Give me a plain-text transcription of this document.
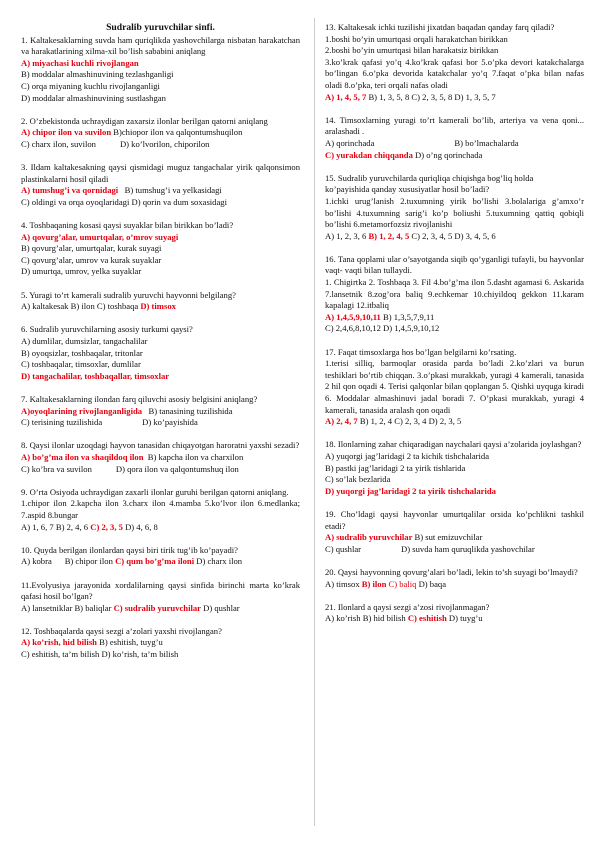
Sudralib yuruvchilar sinfi.

1. Kaltakesaklarning suvda ham quriqlikda yashovchilarga nisbatan harakatchan va harakatlarining xilma-xil bo’lish sababini aniqlang

A) miyachasi kuchli rivojlangan

B) moddalar almashinuvining tezlashganligi

C) orqa miyaning kuchlu rivojlanganligi

D) moddalar almashinuvining sustlashgan

2. O’zbekistonda uchraydigan zaxarsiz ilonlar berilgan qatorni aniqlang

A) chipor ilon va suvilon B)chiopor ilon va qalqontumshuqilon

C) charx ilon, suvilon	D) ko’lvorilon, chiporilon

3. Ildam kaltakesakning qaysi qismidagi muguz tangachalar yirik qalqonsimon plastinkalarni hosil qiladi

A) tumshug’i va qornidagi B) tumshug’i va yelkasidagi

C) oldingi va orqa oyoqlaridagi D) qorin va dum soxasidagi

4. Toshbaqaning kosasi qaysi suyaklar bilan birikkan bo’ladi?

A) qovurg’alar, umurtqalar, o’mrov suyagi

B) qovurg’alar, umurtqalar, kurak suyagi

C) qovurg’alar, umrov va kurak suyaklar

D) umurtqa, umrov, yelka suyaklar

5. Yuragi to’rt kamerali sudralib yuruvchi hayvonni belgilang?

A) kaltakesak B) ilon C) toshbaqa D) timsox

6. Sudralib yuruvchilarning asosiy turkumi qaysi?

A) dumlilar, dumsizlar, tangachalilar

B) oyoqsizlar, toshbaqalar, tritonlar

C) toshbaqalar, timsoxlar, dumlilar

D) tangachalilar, toshbaqallar, timsoxlar

7. Kaltakesaklarning ilondan farq qiluvchi asosiy belgisini aniqlang?

A)oyoqlarining rivojlanganligida B) tanasining tuzilishida

C) terisining tuzilishida	D) ko’payishida

8. Qaysi ilonlar uzoqdagi hayvon tanasidan chiqayotgan haroratni yaxshi sezadi?

A) bo’g’ma ilon va shaqildoq ilon B) kapcha ilon va charxilon

C) ko’bra va suvilon	D) qora ilon va qalqontumshuq ilon

9. O’rta Osiyoda uchraydigan zaxarli ilonlar guruhi berilgan qatorni aniqlang.

1.chipor ilon 2.kapcha ilon 3.charx ilon 4.mamba 5.ko’lvor ilon 6.medlanka; 7.aspid 8.bungar

A) 1, 6, 7 B) 2, 4, 6 C) 2, 3, 5 D) 4, 6, 8

10. Quyda berilgan ilonlardan qaysi biri tirik tug’ib ko’payadi?

A) kobra B) chipor ilon C) qum bo’g’ma iloni D) charx ilon

11.Evolyusiya jarayonida xordalilarning qaysi sinfida birinchi marta ko’krak qafasi hosil bo’lgan?

A) lansetniklar B) baliqlar C) sudralib yuruvchilar D) qushlar

12. Toshbaqalarda qaysi sezgi a’zolari yaxshi rivojlangan?

A) ko’rish, hid bilish B) eshitish, tuyg’u

C) eshitish, ta’m bilish D) ko’rish, ta’m bilish

13. Kaltakesak ichki tuzilishi jixatdan baqadan qanday farq qiladi?

1.boshi bo’yin umurtqasi orqali harakatchan birikkan

2.boshi bo’yin umurtqasi bilan harakatsiz birikkan

3.ko’krak qafasi yo’q 4.ko’krak qafasi bor 5.o’pka devori katakchalarga bo’lingan 6.o’pka devorida katakchalar yo’q 7.faqat o’pka bilan nafas oladi 8.o’pka, teri orqali nafas oladi

A) 1, 4, 5, 7 B) 1, 3, 5, 8 C) 2, 3, 5, 8 D) 1, 3, 5, 7

14. Timsoxlarning yuragi to’rt kamerali bo’lib, arteriya va vena qoni... aralashadi .

A) qorinchada	B) bo’lmachalarda

C) yurakdan chiqqanda D) o’ng qorinchada

15. Sudralib yuruvchilarda quriqliqa chiqishga bog’liq holda

ko’payishida qanday xususiyatlar hosil bo’ladi?

1.ichki urug’lanish 2.tuxumning yirik bo’lishi 3.bolalariga g’amxo’r bo’lishi 4.tuxumning sarig’i ko’p boliushi 5.tuxumning qattiq qobiqli bo’lishi 6.metamorfozsiz rivojlanishi

A) 1, 2, 3, 6 B) 1, 2, 4, 5 C) 2, 3, 4, 5 D) 3, 4, 5, 6

16. Tana qoplami ular o’sayotganda siqib qo’yganligi tufayli, bu hayvonlar vaqt- vaqti bilan tullaydi.

1. Chigirtka 2. Toshbaqa 3. Fil 4.bo’g’ma ilon 5.dasht agamasi 6. Askarida 7.lansetnik 8.zog’ora baliq 9.echkemar 10.chiyildoq gekkon 11.karam kapalagi 12.itbaliq

A) 1,4,5,9,10,11 B) 1,3,5,7,9,11

C) 2,4,6,8,10,12 D) 1,4,5,9,10,12

17. Faqat timsoxlarga hos bo’lgan belgilarni ko’rsating.

1.terisi silliq, barmoqlar orasida parda bo’ladi 2.ko’zlari va burun teshiklari bo’rtib chiqqan. 3.o’pkasi murakkab, yuragi 4 kamerali, tanasida 2 hil qon oqadi 4. Terisi qalqonlar bilan qoplangan 5. Qishki uyquga kiradi 6. Moddalar almashinuvi jadal boradi 7. O’pkasi murakkab, yuragi 4 kamerali, tanasida aralash qon oqadi

A) 2, 4, 7 B) 1, 2, 4 C) 2, 3, 4 D) 2, 3, 5

18. Ilonlarning zahar chiqaradigan naychalari qaysi a’zolarida joylashgan?

A) yuqorgi jag’laridagi 2 ta kichik tishchalarida

B) pastki jag’laridagi 2 ta yirik tishlarida

C) so’lak bezlarida

D) yuqorgi jag’laridagi 2 ta yirik tishchalarida

19. Cho’ldagi qaysi hayvonlar umurtqalilar orsida ko’pchlikni tashkil etadi?

A) sudralib yuruvchilar B) sut emizuvchilar

C) qushlar	D) suvda ham quruqlikda yashovchilar

20. Qaysi hayvonning qovurg’alari bo’ladi, lekin to’sh suyagi bo’lmaydi?

A) timsox B) ilon C) baliq D) baqa

21. Ilonlard a qaysi sezgi a’zosi rivojlanmagan?

A) ko’rish B) hid bilish C) eshitish D) tuyg’u
